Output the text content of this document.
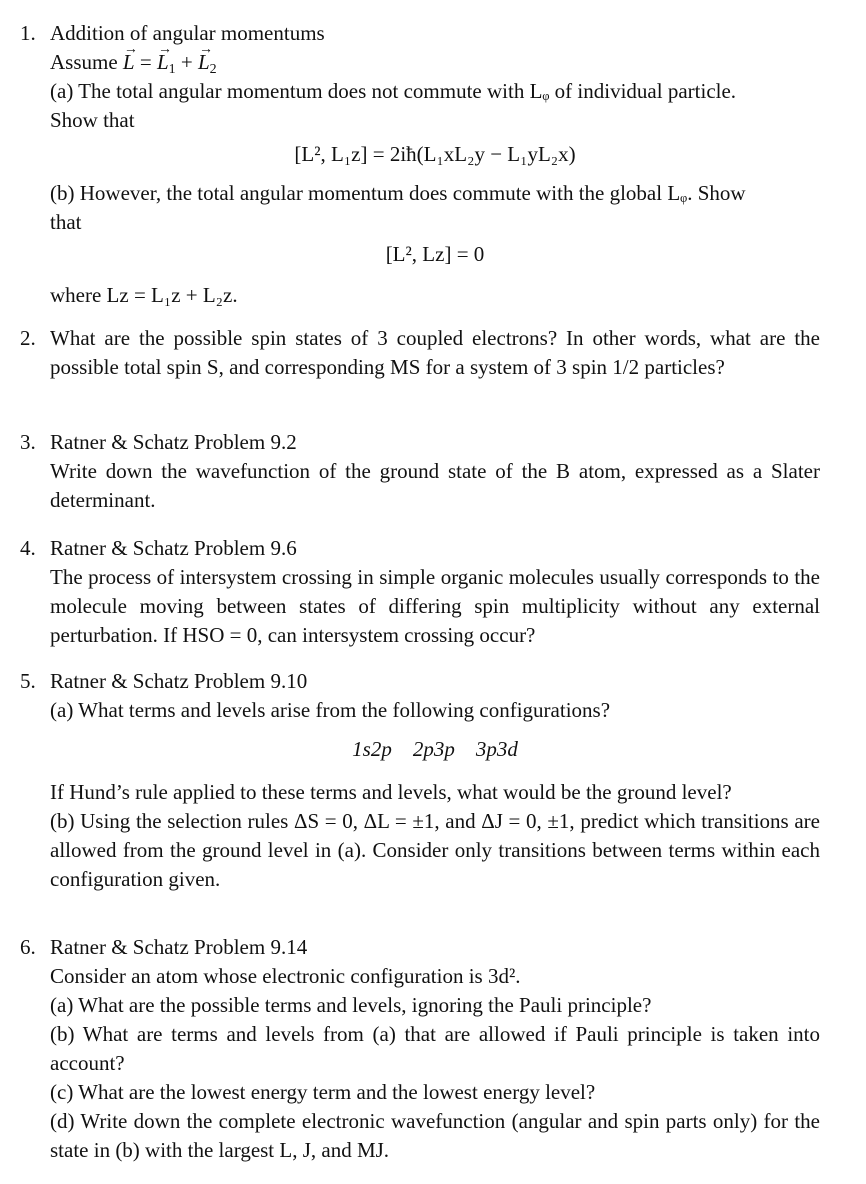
1. Addition of angular momentums
Assume → L = → $L_1$ + → $L_2$
(a) The total angular momentum does not commute with Lᵩ of individual particle.
Show that
[L², L₁z] = 2iħ(L₁xL₂y − L₁yL₂x)
(b) However, the total angular momentum does commute with the global Lᵩ. Show
that
[L², Lz] = 0
where Lz = L₁z + L₂z.
2. What are the possible spin states of 3 coupled electrons? In other words, what are the possible total spin S, and corresponding MS for a system of 3 spin 1/2 particles?
3. Ratner & Schatz Problem 9.2
Write down the wavefunction of the ground state of the B atom, expressed as a Slater determinant.
4. Ratner & Schatz Problem 9.6
The process of intersystem crossing in simple organic molecules usually corresponds to the molecule moving between states of differing spin multiplicity without any external perturbation. If HSO = 0, can intersystem crossing occur?
5. Ratner & Schatz Problem 9.10
(a) What terms and levels arise from the following configurations?
1s2p 2p3p 3p3d
If Hund’s rule applied to these terms and levels, what would be the ground level?
(b) Using the selection rules ΔS = 0, ΔL = ±1, and ΔJ = 0, ±1, predict which transitions are allowed from the ground level in (a). Consider only transitions between terms within each configuration given.
6. Ratner & Schatz Problem 9.14
Consider an atom whose electronic configuration is 3d².
(a) What are the possible terms and levels, ignoring the Pauli principle?
(b) What are terms and levels from (a) that are allowed if Pauli principle is taken into account?
(c) What are the lowest energy term and the lowest energy level?
(d) Write down the complete electronic wavefunction (angular and spin parts only) for the state in (b) with the largest L, J, and MJ.
